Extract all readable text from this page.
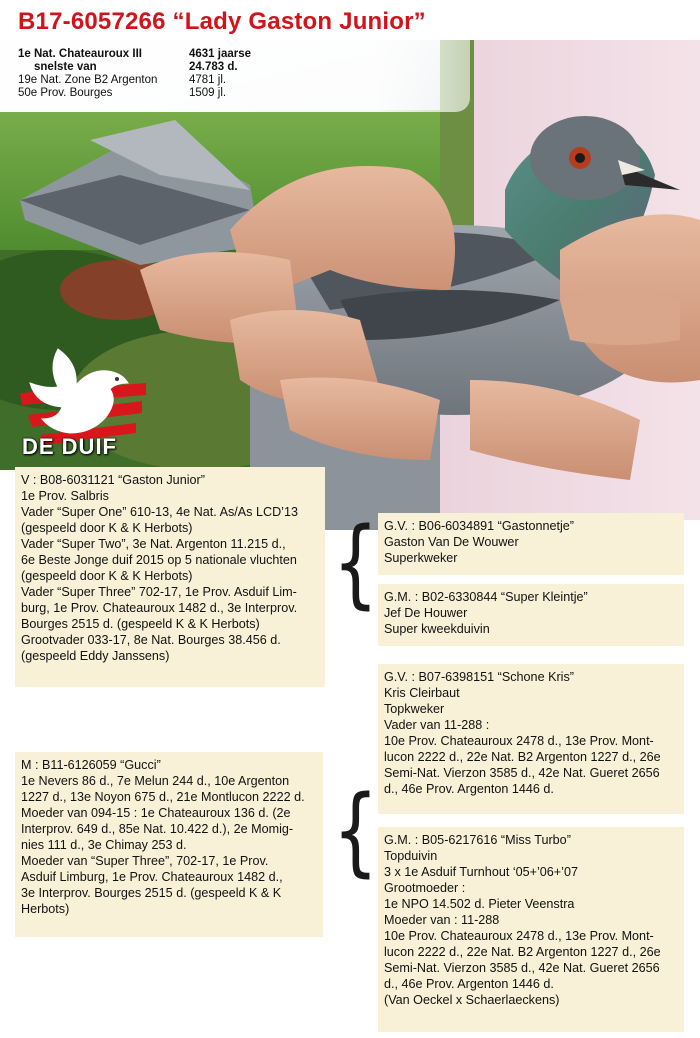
B17-6057266 “Lady Gaston Junior”
1e Nat. Chateauroux III	4631 jaarse
snelste van	24.783 d.
19e Nat. Zone B2 Argenton	4781 jl.
50e Prov. Bourges	1509 jl.

DE DUIF

V : B08-6031121 “Gaston Junior”
1e Prov. Salbris
Vader “Super One” 610-13, 4e Nat. As/As LCD’13
(gespeeld door K & K Herbots)
Vader “Super Two”, 3e Nat. Argenton 11.215 d.,
6e Beste Jonge duif 2015 op 5 nationale vluchten
(gespeeld door K & K Herbots)
Vader “Super Three” 702-17, 1e Prov. Asduif Lim-
burg, 1e Prov. Chateauroux 1482 d., 3e Interprov.
Bourges 2515 d. (gespeeld K & K Herbots)
Grootvader 033-17, 8e Nat. Bourges 38.456 d.
(gespeeld Eddy Janssens)
M : B11-6126059 “Gucci”
1e Nevers 86 d., 7e Melun 244 d., 10e Argenton
1227 d., 13e Noyon 675 d., 21e Montlucon 2222 d.
Moeder van 094-15 : 1e Chateauroux 136 d. (2e
Interprov. 649 d., 85e Nat. 10.422 d.), 2e Momig-
nies 111 d., 3e Chimay 253 d.
Moeder van “Super Three”, 702-17, 1e Prov.
Asduif Limburg, 1e Prov. Chateauroux 1482 d.,
3e Interprov. Bourges 2515 d. (gespeeld K & K
Herbots)
G.V. : B06-6034891 “Gastonnetje”
Gaston Van De Wouwer
Superkweker
G.M. : B02-6330844 “Super Kleintje”
Jef De Houwer
Super kweekduivin
G.V. : B07-6398151 “Schone Kris”
Kris Cleirbaut
Topkweker
Vader van 11-288 :
10e Prov. Chateauroux 2478 d., 13e Prov. Mont-
lucon 2222 d., 22e Nat. B2 Argenton 1227 d., 26e
Semi-Nat. Vierzon 3585 d., 42e Nat. Gueret 2656
d., 46e Prov. Argenton 1446 d.
G.M. : B05-6217616 “Miss Turbo”
Topduivin
3 x 1e Asduif Turnhout ‘05+’06+’07
Grootmoeder :
1e NPO 14.502 d. Pieter Veenstra
Moeder van : 11-288
10e Prov. Chateauroux 2478 d., 13e Prov. Mont-
lucon 2222 d., 22e Nat. B2 Argenton 1227 d., 26e
Semi-Nat. Vierzon 3585 d., 42e Nat. Gueret 2656
d., 46e Prov. Argenton 1446 d.
(Van Oeckel x Schaerlaeckens)
{
{
